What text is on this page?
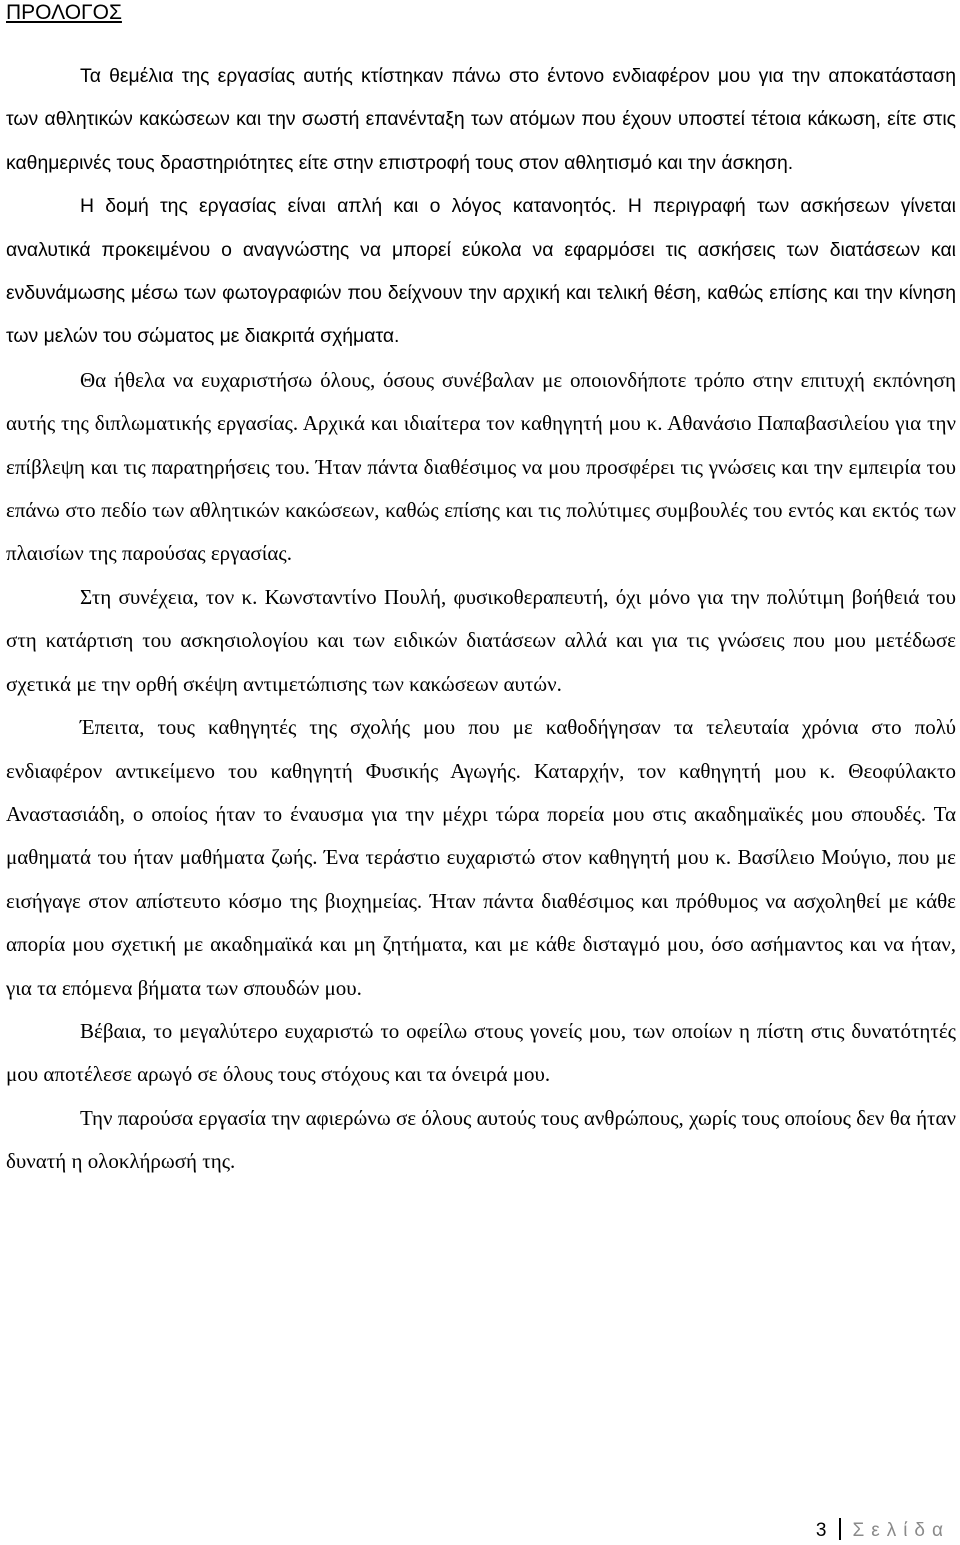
ΠΡΟΛΟΓΟΣ

Τα θεμέλια της εργασίας αυτής κτίστηκαν πάνω στο έντονο ενδιαφέρον μου για την αποκατάσταση των αθλητικών κακώσεων και την σωστή επανένταξη των ατόμων που έχουν υποστεί τέτοια κάκωση, είτε στις καθημερινές τους δραστηριότητες είτε στην επιστροφή τους στον αθλητισμό και την άσκηση.

Η δομή της εργασίας είναι απλή και ο λόγος κατανοητός. Η περιγραφή των ασκήσεων γίνεται αναλυτικά προκειμένου ο αναγνώστης να μπορεί εύκολα να εφαρμόσει τις ασκήσεις των διατάσεων και ενδυνάμωσης μέσω των φωτογραφιών που δείχνουν την αρχική και τελική θέση, καθώς επίσης και την κίνηση των μελών του σώματος με διακριτά σχήματα.

Θα ήθελα να ευχαριστήσω όλους, όσους συνέβαλαν με οποιονδήποτε τρόπο στην επιτυχή εκπόνηση αυτής της διπλωματικής εργασίας. Αρχικά και ιδιαίτερα τον καθηγητή μου κ. Αθανάσιο Παπαβασιλείου για την επίβλεψη και τις παρατηρήσεις του. Ήταν πάντα διαθέσιμος να μου προσφέρει τις γνώσεις και την εμπειρία του επάνω στο πεδίο των αθλητικών κακώσεων, καθώς επίσης και τις πολύτιμες συμβουλές του εντός και εκτός των πλαισίων της παρούσας εργασίας.

Στη συνέχεια, τον κ. Κωνσταντίνο Πουλή, φυσικοθεραπευτή, όχι μόνο για την πολύτιμη βοήθειά του στη κατάρτιση του ασκησιολογίου και των ειδικών διατάσεων αλλά και για τις γνώσεις που μου μετέδωσε σχετικά με την ορθή σκέψη αντιμετώπισης των κακώσεων αυτών.

Έπειτα, τους καθηγητές της σχολής μου που με καθοδήγησαν τα τελευταία χρόνια στο πολύ ενδιαφέρον αντικείμενο του καθηγητή Φυσικής Αγωγής. Καταρχήν, τον καθηγητή μου κ. Θεοφύλακτο Αναστασιάδη, ο οποίος ήταν το έναυσμα για την μέχρι τώρα πορεία μου στις ακαδημαϊκές μου σπουδές. Τα μαθηματά του ήταν μαθήματα ζωής. Ένα τεράστιο ευχαριστώ στον καθηγητή μου κ. Βασίλειο Μούγιο, που με εισήγαγε στον απίστευτο κόσμο της βιοχημείας. Ήταν πάντα διαθέσιμος και πρόθυμος να ασχοληθεί με κάθε απορία μου σχετική με ακαδημαϊκά και μη ζητήματα, και με κάθε δισταγμό μου, όσο ασήμαντος και να ήταν, για τα επόμενα βήματα των σπουδών μου.

Βέβαια, το μεγαλύτερο ευχαριστώ το οφείλω στους γονείς μου, των οποίων η πίστη στις δυνατότητές μου αποτέλεσε αρωγό σε όλους τους στόχους και τα όνειρά μου.

Την παρούσα εργασία την αφιερώνω σε όλους αυτούς τους ανθρώπους, χωρίς τους οποίους δεν θα ήταν δυνατή η ολοκλήρωσή της.

3 Σελίδα
